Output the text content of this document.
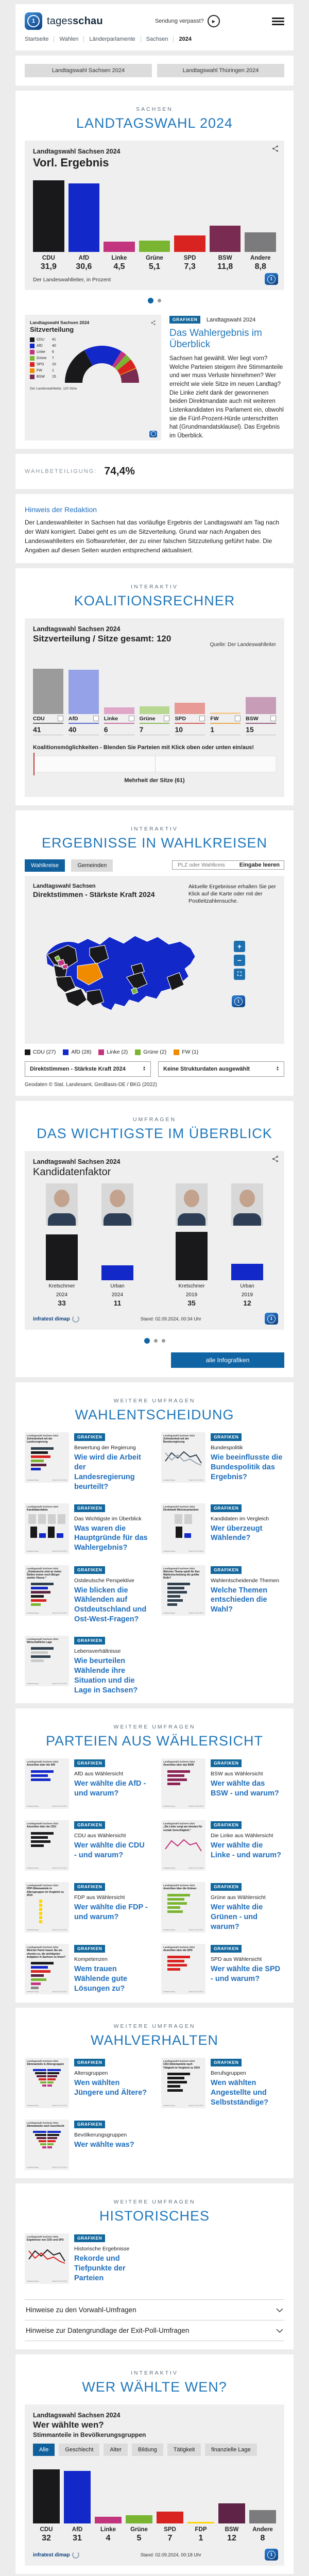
1	tagesschau	Sendung verpasst?	▶
Startseite	Wahlen	Länderparlamente	Sachsen	2024
Landtagswahl Sachsen 2024	Landtagswahl Thüringen 2024
SACHSEN
LANDTAGSWAHL 2024
Landtagswahl Sachsen 2024
Vorl. Ergebnis
CDU
31,9
AfD
30,6
Linke
4,5
Grüne
5,1
SPD
7,3
BSW
11,8
Andere
8,8
Der Landeswahlleiter, in Prozent	1
Landtagswahl Sachsen 2024
Sitzverteilung
CDU	41
AfD	40
Linke	6
Grüne	7
SPD	10
FW	1
BSW	15
Der Landeswahlleiter, 120 Sitze
GRAFIKEN Landtagswahl 2024
Das Wahlergebnis im Überblick
Sachsen hat gewählt. Wer liegt vorn? Welche Parteien steigern ihre Stimmanteile und wer muss Verluste hinnehmen? Wer erreicht wie viele Sitze im neuen Landtag? Die Linke zieht dank der gewonnenen beiden Direktmandate auch mit weiteren Listenkandidaten ins Parlament ein, obwohl sie die Fünf-Prozent-Hürde unterschritten hat (Grundmandatsklausel). Das Ergebnis im Überblick.
WAHLBETEILIGUNG: 74,4%
Hinweis der Redaktion
Der Landeswahlleiter in Sachsen hat das vorläufige Ergebnis der Landtagswahl am Tag nach der Wahl korrigiert. Dabei geht es um die Sitzverteilung. Grund war nach Angaben des Landeswahlleiters ein Softwarefehler, der zu einer falschen Sitzzuteilung geführt habe. Die Angaben auf diesen Seiten wurden entsprechend aktualisiert.
INTERAKTIV
KOALITIONSRECHNER
Landtagswahl Sachsen 2024
Sitzverteilung / Sitze gesamt: 120
Quelle: Der Landeswahlleiter
CDU
41
AfD
40
Linke
6
Grüne
7
SPD
10
FW
1
BSW
15
Koalitionsmöglichkeiten - Blenden Sie Parteien mit Klick oben oder unten ein/aus!
Mehrheit der Sitze (61)
INTERAKTIV
ERGEBNISSE IN WAHLKREISEN
Wahlkreise	Gemeinden
PLZ oder Wahlkreis	Eingabe leeren
Landtagswahl Sachsen
Direktstimmen - Stärkste Kraft 2024
Aktuelle Ergebnisse erhalten Sie per Klick auf die Karte oder mit der Postleitzahlensuche.
+
−
⛶
1
CDU (27)	AfD (28)	Linke (2)	Grüne (2)	FW (1)
Direktstimmen - Stärkste Kraft 2024	▲
▼	Keine Strukturdaten ausgewählt	▲
▼
Geodaten © Stat. Landesamt, GeoBasis-DE / BKG (2022)
UMFRAGEN
DAS WICHTIGSTE IM ÜBERBLICK
Landtagswahl Sachsen 2024
Kandidatenfaktor
Kretschmer
2024
33
Urban
2024
11
Kretschmer
2019
35
Urban
2019
12
infratest dimap	Stand: 02.09.2024, 00:34 Uhr	1
alle Infografiken
WEITERE UMFRAGEN
WAHLENTSCHEIDUNG
Landtagswahl Sachsen 2024
Zufriedenheit mit der Landesregierung
infratest dimap	Stand: 02.09.2024
GRAFIKEN
Bewertung der Regierung
Wie wird die Arbeit der Landesregierung beurteilt?
Landtagswahl Sachsen 2024
Zufriedenheit mit der Bundesregierung
infratest dimap	Stand: 02.09.2024
GRAFIKEN
Bundespolitik
Wie beeinflusste die Bundespolitik das Ergebnis?
Landtagswahl Sachsen 2024
Kandidatenfaktor
infratest dimap	Stand: 02.09.2024
GRAFIKEN
Das Wichtigste im Überblick
Was waren die Hauptgründe für das Wahlergebnis?
Landtagswahl Sachsen 2024
Direktwahl Ministerpräsident
infratest dimap	Stand: 02.09.2024
GRAFIKEN
Kandidaten im Vergleich
Wer überzeugt Wählende?
Landtagswahl Sachsen 2024
„Ostdeutsche sind an vielen Stellen immer noch Bürger zweiter Klasse.“
infratest dimap	Stand: 02.09.2024
GRAFIKEN
Ostdeutsche Perspektive
Wie blicken die Wählenden auf Ostdeutschland und Ost-West-Fragen?
Landtagswahl Sachsen 2024
Welches Thema spielt für Ihre Wahlentscheidung die größte Rolle?
infratest dimap	Stand: 02.09.2024
GRAFIKEN
Wahlentscheidende Themen
Welche Themen entschieden die Wahl?
Landtagswahl Sachsen 2024
Wirtschaftliche Lage
infratest dimap	Stand: 02.09.2024
GRAFIKEN
Lebensverhältnisse
Wie beurteilen Wählende ihre Situation und die Lage in Sachsen?
WEITERE UMFRAGEN
PARTEIEN AUS WÄHLERSICHT
Landtagswahl Sachsen 2024
Ansichten über die AfD
infratest dimap	Stand: 02.09.2024
GRAFIKEN
AfD aus Wählersicht
Wer wählte die AfD - und warum?
Landtagswahl Sachsen 2024
Ansichten über das BSW
infratest dimap	Stand: 02.09.2024
GRAFIKEN
BSW aus Wählersicht
Wer wählte das BSW - und warum?
Landtagswahl Sachsen 2024
Ansichten über die CDU
infratest dimap	Stand: 02.09.2024
GRAFIKEN
CDU aus Wählersicht
Wer wählte die CDU - und warum?
Landtagswahl Sachsen 2024
„Die Linke sorgt am ehesten für soziale Gerechtigkeit.“
infratest dimap	Stand: 02.09.2024
GRAFIKEN
Die Linke aus Wählersicht
Wer wählte die Linke - und warum?
Landtagswahl Sachsen 2024
FDP-Stimmanteile in Altersgruppen im Vergleich zu 2019
infratest dimap	Stand: 02.09.2024
GRAFIKEN
FDP aus Wählersicht
Wer wählte die FDP - und warum?
Landtagswahl Sachsen 2024
Ansichten über die Grünen
infratest dimap	Stand: 02.09.2024
GRAFIKEN
Grüne aus Wählersicht
Wer wählte die Grünen - und warum?
Landtagswahl Sachsen 2024
Welcher Partei trauen Sie am ehesten zu, die wichtigsten Aufgaben in Sachsen zu lösen?
infratest dimap	Stand: 02.09.2024
GRAFIKEN
Kompetenzen
Wem trauen Wählende gute Lösungen zu?
Landtagswahl Sachsen 2024
Ansichten über die SPD
infratest dimap	Stand: 02.09.2024
GRAFIKEN
SPD aus Wählersicht
Wer wählte die SPD - und warum?
WEITERE UMFRAGEN
WAHLVERHALTEN
Landtagswahl Sachsen 2024
Stimmanteile in Altersgruppen
infratest dimap	Stand: 02.09.2024
GRAFIKEN
Altersgruppen
Wen wählten Jüngere und Ältere?
Landtagswahl Sachsen 2024
CDU-Stimmanteile nach Tätigkeit im Vergleich zu 2019
infratest dimap	Stand: 02.09.2024
GRAFIKEN
Berufsgruppen
Wen wählten Angestellte und Selbstständige?
Landtagswahl Sachsen 2024
Stimmanteile nach Geschlecht
infratest dimap	Stand: 02.09.2024
GRAFIKEN
Bevölkerungsgruppen
Wer wählte was?
WEITERE UMFRAGEN
HISTORISCHES
Landtagswahl Sachsen 2024
Ergebnisse von CDU und SPD
infratest dimap	Stand: 02.09.2024
GRAFIKEN
Historische Ergebnisse
Rekorde und Tiefpunkte der Parteien
Hinweise zu den Vorwahl-Umfragen
Hinweise zur Datengrundlage der Exit-Poll-Umfragen
INTERAKTIV
WER WÄHLTE WEN?
Landtagswahl Sachsen 2024
Wer wählte wen?
Stimmanteile in Bevölkerungsgruppen
Alle	Geschlecht	Alter	Bildung	Tätigkeit	finanzielle Lage
CDU
32
AfD
31
Linke
4
Grüne
5
SPD
7
FDP
1
BSW
12
Andere
8
infratest dimap	Stand: 02.09.2024, 00:18 Uhr	1
